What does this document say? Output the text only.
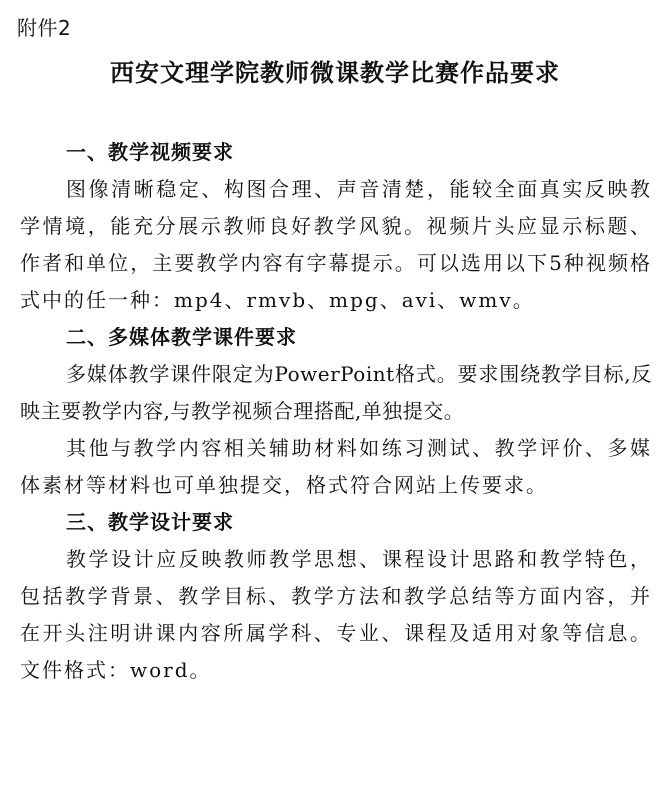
附件2
西安文理学院教师微课教学比赛作品要求
一、教学视频要求

图像清晰稳定、构图合理、声音清楚，能较全面真实反映教学情境，能充分展示教师良好教学风貌。视频片头应显示标题、作者和单位，主要教学内容有字幕提示。可以选用以下5种视频格式中的任一种：mp4、rmvb、mpg、avi、wmv。

二、多媒体教学课件要求

多媒体教学课件限定为PowerPoint格式。要求围绕教学目标,反映主要教学内容,与教学视频合理搭配,单独提交。

其他与教学内容相关辅助材料如练习测试、教学评价、多媒体素材等材料也可单独提交，格式符合网站上传要求。

三、教学设计要求

教学设计应反映教师教学思想、课程设计思路和教学特色，包括教学背景、教学目标、教学方法和教学总结等方面内容，并在开头注明讲课内容所属学科、专业、课程及适用对象等信息。文件格式：word。
